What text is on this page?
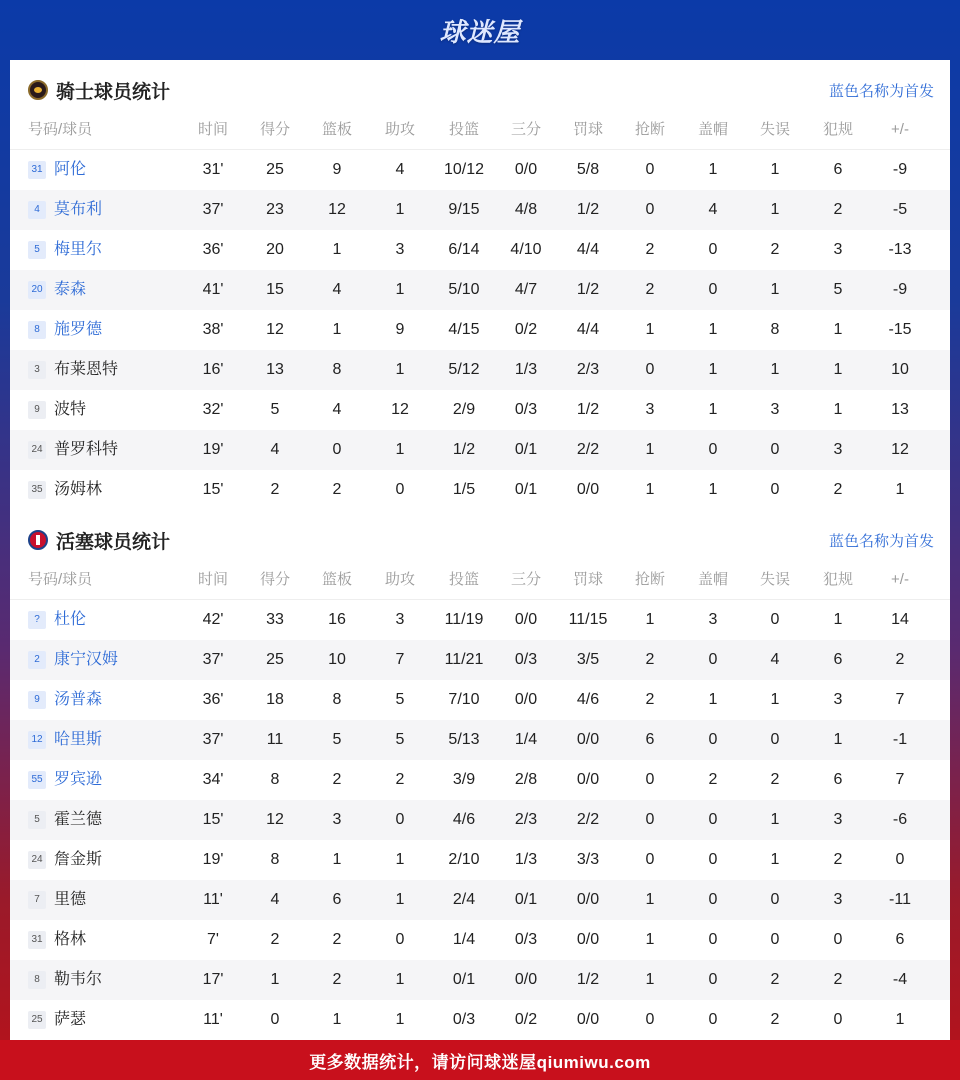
球迷屋
骑士球员统计	蓝色名称为首发
号码/球员	时间	得分	篮板	助攻	投篮	三分	罚球	抢断	盖帽	失误	犯规	+/-
31 阿伦	31'	25	9	4	10/12	0/0	5/8	0	1	1	6	-9
4 莫布利	37'	23	12	1	9/15	4/8	1/2	0	4	1	2	-5
5 梅里尔	36'	20	1	3	6/14	4/10	4/4	2	0	2	3	-13
20 泰森	41'	15	4	1	5/10	4/7	1/2	2	0	1	5	-9
8 施罗德	38'	12	1	9	4/15	0/2	4/4	1	1	8	1	-15
3 布莱恩特	16'	13	8	1	5/12	1/3	2/3	0	1	1	1	10
9 波特	32'	5	4	12	2/9	0/3	1/2	3	1	3	1	13
24 普罗科特	19'	4	0	1	1/2	0/1	2/2	1	0	0	3	12
35 汤姆林	15'	2	2	0	1/5	0/1	0/0	1	1	0	2	1
活塞球员统计	蓝色名称为首发
号码/球员	时间	得分	篮板	助攻	投篮	三分	罚球	抢断	盖帽	失误	犯规	+/-
? 杜伦	42'	33	16	3	11/19	0/0	11/15	1	3	0	1	14
2 康宁汉姆	37'	25	10	7	11/21	0/3	3/5	2	0	4	6	2
9 汤普森	36'	18	8	5	7/10	0/0	4/6	2	1	1	3	7
12 哈里斯	37'	11	5	5	5/13	1/4	0/0	6	0	0	1	-1
55 罗宾逊	34'	8	2	2	3/9	2/8	0/0	0	2	2	6	7
5 霍兰德	15'	12	3	0	4/6	2/3	2/2	0	0	1	3	-6
24 詹金斯	19'	8	1	1	2/10	1/3	3/3	0	0	1	2	0
7 里德	11'	4	6	1	2/4	0/1	0/0	1	0	0	3	-11
31 格林	7'	2	2	0	1/4	0/3	0/0	1	0	0	0	6
8 勒韦尔	17'	1	2	1	0/1	0/0	1/2	1	0	2	2	-4
25 萨瑟	11'	0	1	1	0/3	0/2	0/0	0	0	2	0	1
更多数据统计，请访问球迷屋qiumiwu.com
